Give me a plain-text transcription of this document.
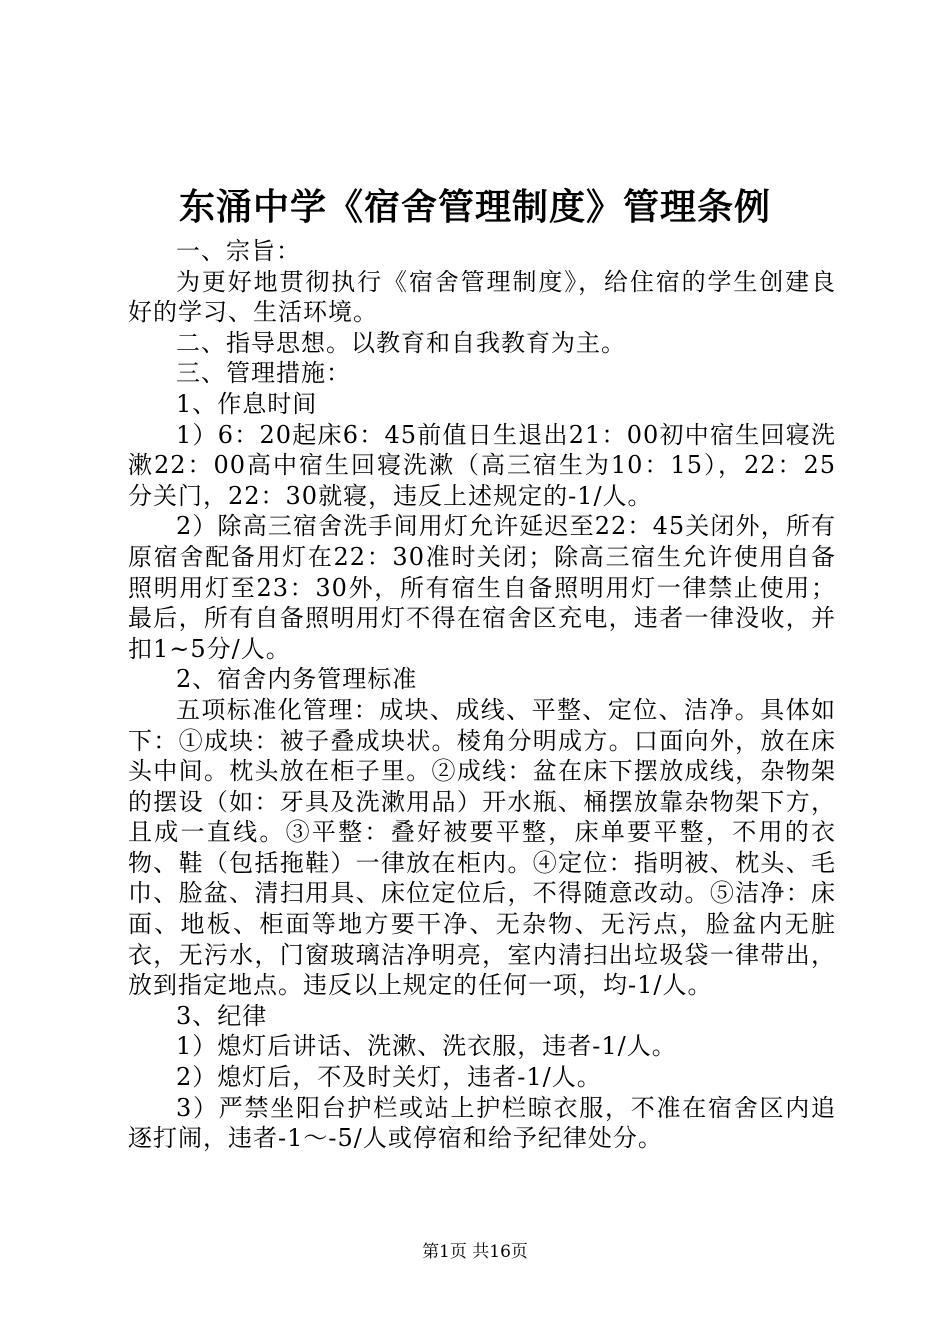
东涌中学《宿舍管理制度》管理条例

一、宗旨：

为更好地贯彻执行《宿舍管理制度》，给住宿的学生创建良好的学习、生活环境。

二、指导思想。以教育和自我教育为主。

三、管理措施：

1、作息时间

1）6：20起床6：45前值日生退出21：00初中宿生回寝洗漱22：00高中宿生回寝洗漱（高三宿生为10：15），22：25分关门，22：30就寝，违反上述规定的-1/人。

2）除高三宿舍洗手间用灯允许延迟至22：45关闭外，所有原宿舍配备用灯在22：30准时关闭；除高三宿生允许使用自备照明用灯至23：30外，所有宿生自备照明用灯一律禁止使用；最后，所有自备照明用灯不得在宿舍区充电，违者一律没收，并扣1~5分/人。

2、宿舍内务管理标准

五项标准化管理：成块、成线、平整、定位、洁净。具体如下：①成块：被子叠成块状。棱角分明成方。口面向外，放在床头中间。枕头放在柜子里。②成线：盆在床下摆放成线，杂物架的摆设（如：牙具及洗漱用品）开水瓶、桶摆放靠杂物架下方，且成一直线。③平整：叠好被要平整，床单要平整，不用的衣物、鞋（包括拖鞋）一律放在柜内。④定位：指明被、枕头、毛巾、脸盆、清扫用具、床位定位后，不得随意改动。⑤洁净：床面、地板、柜面等地方要干净、无杂物、无污点，脸盆内无脏衣，无污水，门窗玻璃洁净明亮，室内清扫出垃圾袋一律带出，放到指定地点。违反以上规定的任何一项，均-1/人。

3、纪律

1）熄灯后讲话、洗漱、洗衣服，违者-1/人。

2）熄灯后，不及时关灯，违者-1/人。

3）严禁坐阳台护栏或站上护栏晾衣服，不准在宿舍区内追逐打闹，违者-1～-5/人或停宿和给予纪律处分。

第1页 共16页
